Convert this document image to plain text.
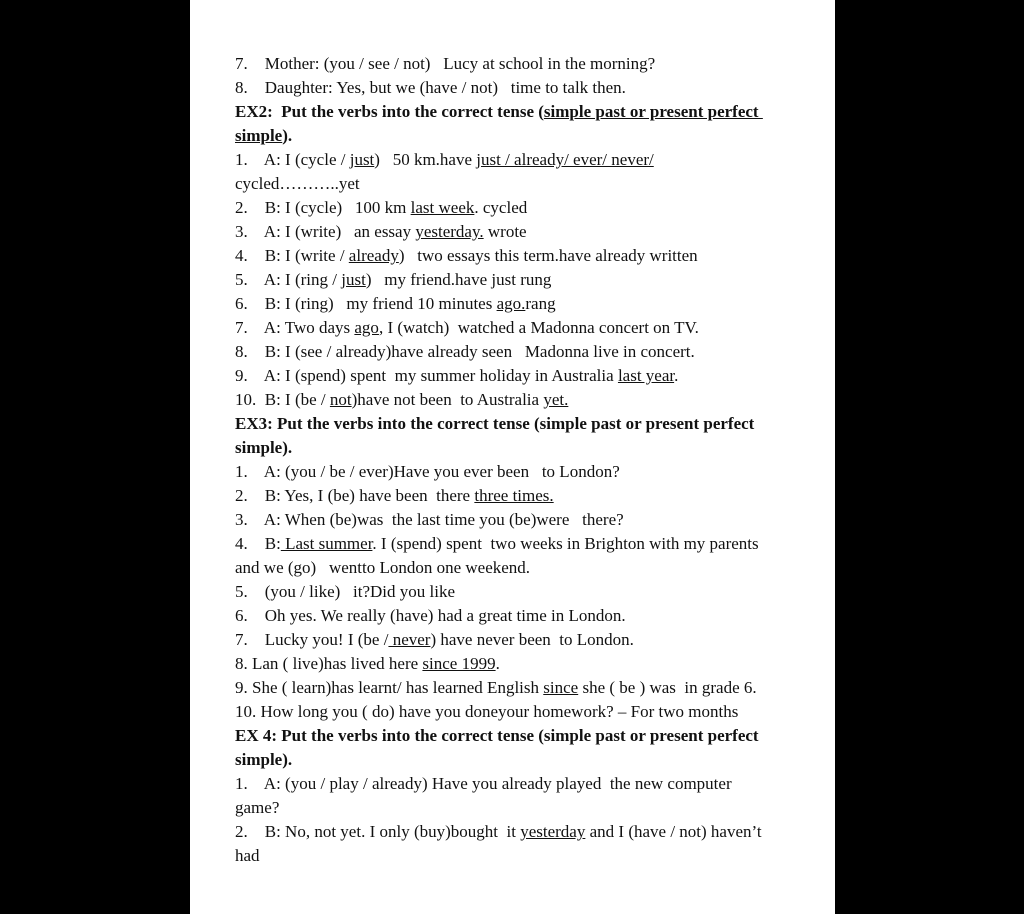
7.    Mother: (you / see / not)   Lucy at school in the morning?
8.    Daughter: Yes, but we (have / not)   time to talk then.
EX2:  Put the verbs into the correct tense (simple past or present perfect
simple).
1.    A: I (cycle / just)   50 km.have just / already/ ever/ never/
cycled………..yet
2.    B: I (cycle)   100 km last week. cycled
3.    A: I (write)   an essay yesterday. wrote
4.    B: I (write / already)   two essays this term.have already written
5.    A: I (ring / just)   my friend.have just rung
6.    B: I (ring)   my friend 10 minutes ago.rang
7.    A: Two days ago, I (watch)  watched a Madonna concert on TV.
8.    B: I (see / already)have already seen   Madonna live in concert.
9.    A: I (spend) spent  my summer holiday in Australia last year.
10.  B: I (be / not)have not been  to Australia yet.
EX3: Put the verbs into the correct tense (simple past or present perfect
simple).
1.    A: (you / be / ever)Have you ever been   to London?
2.    B: Yes, I (be) have been  there three times.
3.    A: When (be)was  the last time you (be)were   there?
4.    B: Last summer. I (spend) spent  two weeks in Brighton with my parents
and we (go)   wentto London one weekend.
5.    (you / like)   it?Did you like
6.    Oh yes. We really (have) had a great time in London.
7.    Lucky you! I (be / never) have never been  to London.
8. Lan ( live)has lived here since 1999.
9. She ( learn)has learnt/ has learned English since she ( be ) was  in grade 6.
10. How long you ( do) have you doneyour homework? – For two months
EX 4: Put the verbs into the correct tense (simple past or present perfect
simple).
1.    A: (you / play / already) Have you already played  the new computer
game?
2.    B: No, not yet. I only (buy)bought  it yesterday and I (have / not) haven’t
had
